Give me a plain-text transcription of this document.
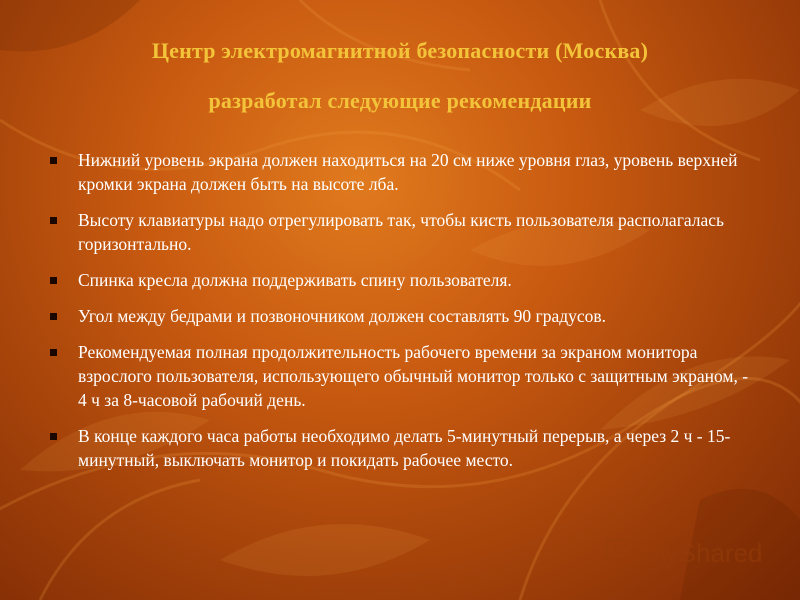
Центр электромагнитной безопасности (Москва)
разработал следующие рекомендации
Нижний уровень экрана должен находиться на 20 см ниже уровня глаз, уровень верхней кромки экрана должен быть на высоте лба.
Высоту клавиатуры надо отрегулировать так, чтобы кисть пользователя располагалась горизонтально.
Спинка кресла должна поддерживать спину пользователя.
Угол между бедрами и позвоночником должен составлять 90 градусов.
Рекомендуемая полная продолжительность рабочего времени за экраном монитора взрослого пользователя, использующего обычный монитор только с защитным экраном, - 4 ч за 8-часовой рабочий день.
В конце каждого часа работы необходимо делать 5-минутный перерыв, а через 2 ч - 15-минутный, выключать монитор и покидать рабочее место.
MyShared
